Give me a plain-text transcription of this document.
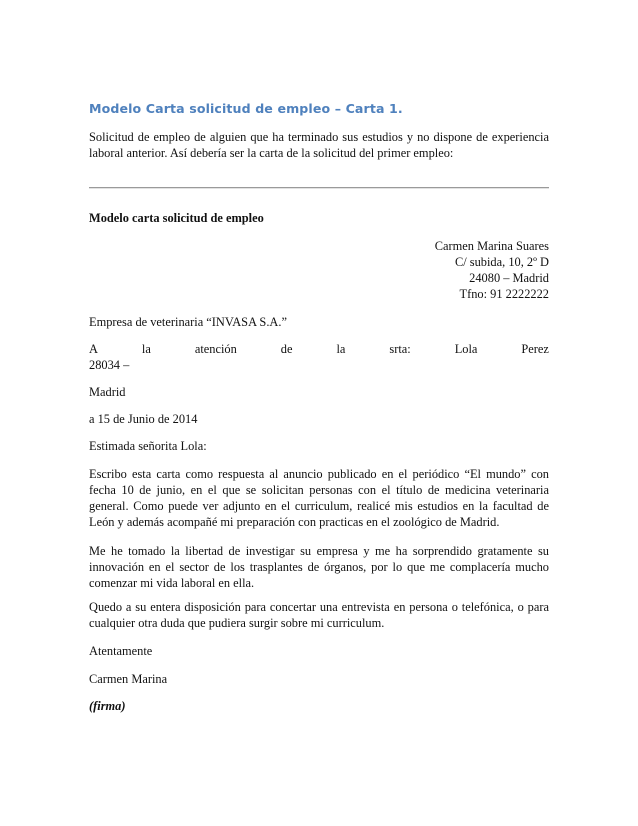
Modelo Carta solicitud de empleo – Carta 1.

Solicitud de empleo de alguien que ha terminado sus estudios y no dispone de experiencia laboral anterior. Así debería ser la carta de la solicitud del primer empleo:

Modelo carta solicitud de empleo

Carmen Marina Suares
C/ subida, 10, 2º D
24080 – Madrid
Tfno: 91 2222222

Empresa de veterinaria “INVASA S.A.”

A	la	atención	de	la	srta:	Lola	Perez

28034 –

Madrid

a 15 de Junio de 2014

Estimada señorita Lola:

Escribo esta carta como respuesta al anuncio publicado en el periódico “El mundo” con fecha 10 de junio, en el que se solicitan personas con el título de medicina veterinaria general. Como puede ver adjunto en el curriculum, realicé mis estudios en la facultad de León y además acompañé mi preparación con practicas en el zoológico de Madrid.

Me he tomado la libertad de investigar su empresa y me ha sorprendido gratamente su innovación en el sector de los trasplantes de órganos, por lo que me complacería mucho comenzar mi vida laboral en ella.

Quedo a su entera disposición para concertar una entrevista en persona o telefónica, o para cualquier otra duda que pudiera surgir sobre mi curriculum.

Atentamente

Carmen Marina

(firma)
